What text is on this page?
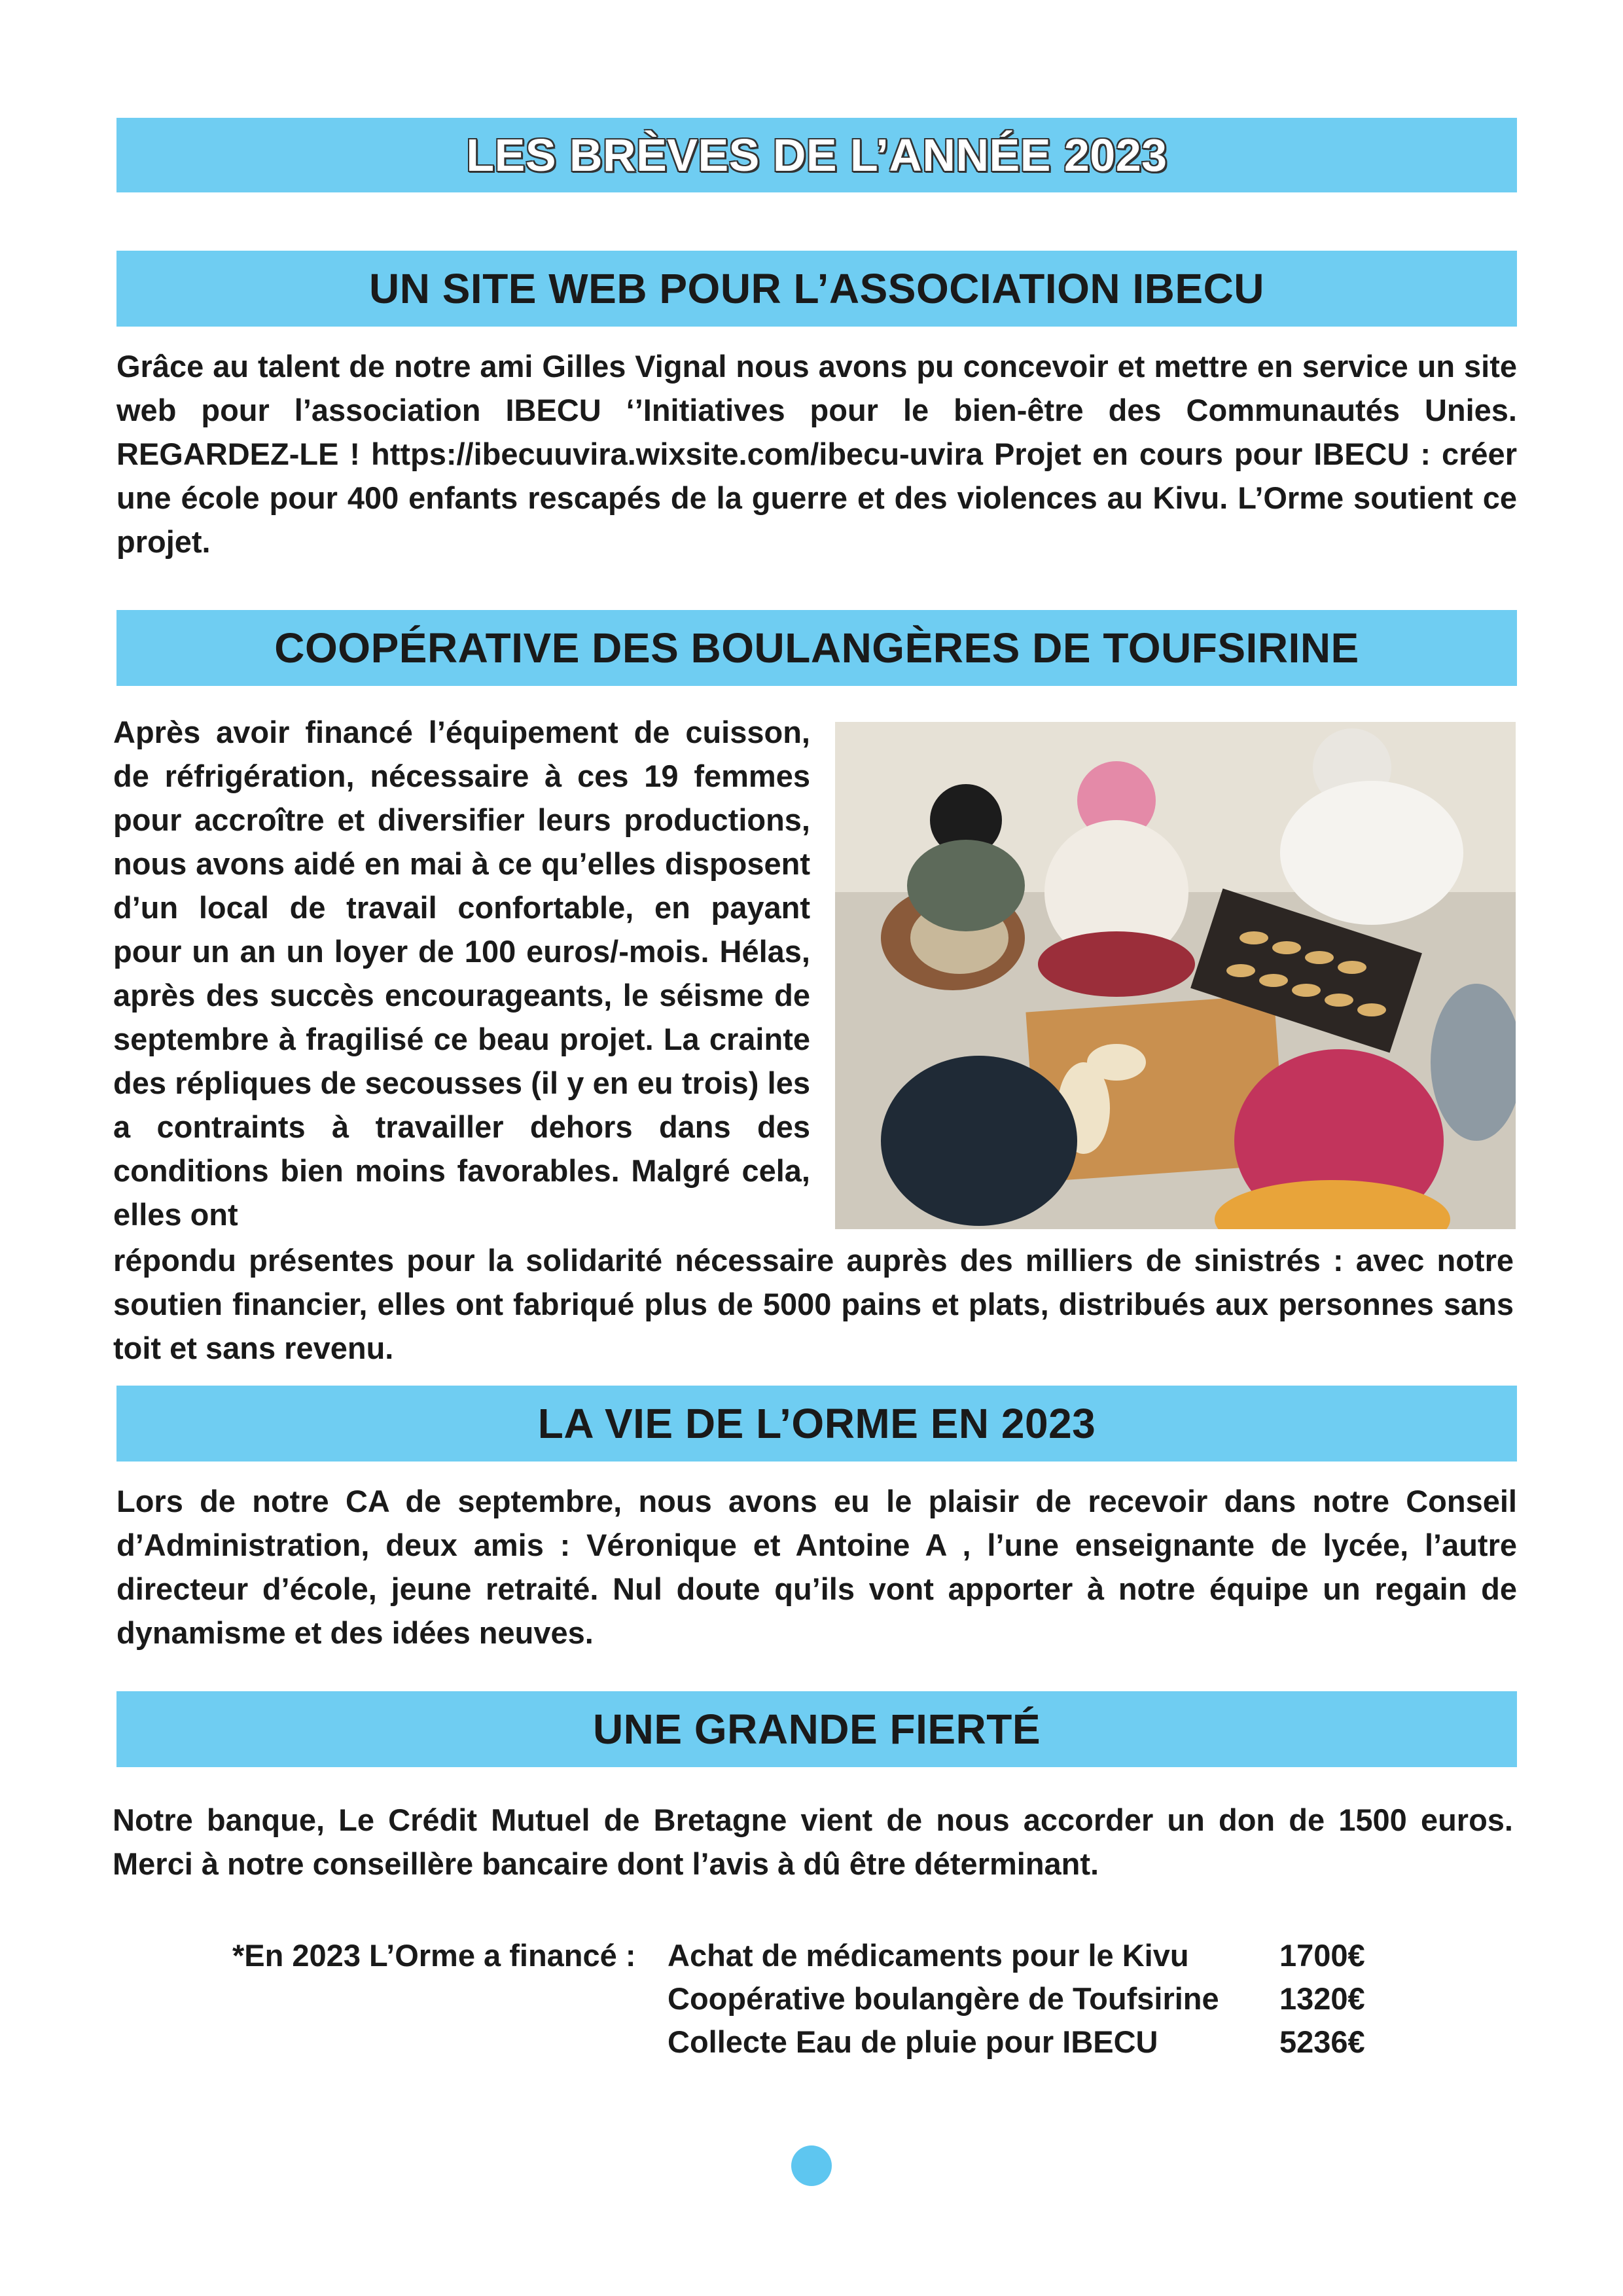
LES BRÈVES DE L’ANNÉE 2023
UN SITE WEB POUR L’ASSOCIATION IBECU

Grâce au talent de notre ami Gilles Vignal nous avons pu concevoir et mettre en service un site web pour l’association IBECU ‘’Initiatives pour le bien-être des Communautés Unies. REGARDEZ-LE ! https://ibecuuvira.wixsite.com/ibecu-uvira Projet en cours pour IBECU : créer une école pour 400 enfants rescapés de la guerre et des violences au Kivu. L’Orme soutient ce projet.

COOPÉRATIVE DES BOULANGÈRES DE TOUFSIRINE

Après avoir financé l’équipement de cuisson, de réfrigération, nécessaire à ces 19 femmes pour accroître et diversifier leurs productions, nous avons aidé en mai à ce qu’elles disposent d’un local de travail confortable, en payant pour un an un loyer de 100 euros/-mois. Hélas, après des succès encourageants, le séisme de septembre à fragilisé ce beau projet. La crainte des répliques de secousses (il y en eu trois) les a contraints à travailler dehors dans des conditions bien moins favorables. Malgré cela, elles ont

répondu présentes pour la solidarité nécessaire auprès des milliers de sinistrés : avec notre soutien financier, elles ont fabriqué plus de 5000 pains et plats, distribués aux personnes sans toit et sans revenu.

LA VIE DE L’ORME EN 2023

Lors de notre CA de septembre, nous avons eu le plaisir de recevoir dans notre Conseil d’Administration, deux amis : Véronique et Antoine A , l’une enseignante de lycée, l’autre directeur d’école, jeune retraité. Nul doute qu’ils vont apporter à notre équipe un regain de dynamisme et des idées neuves.

UNE GRANDE FIERTÉ

Notre banque, Le Crédit Mutuel de Bretagne vient de nous accorder un don de 1500 euros. Merci à notre conseillère bancaire dont l’avis à dû être déterminant.

*En 2023 L’Orme a financé : Achat de médicaments pour le Kivu	1700€
Coopérative boulangère de Toufsirine 1320€
Collecte Eau de pluie pour IBECU	5236€
